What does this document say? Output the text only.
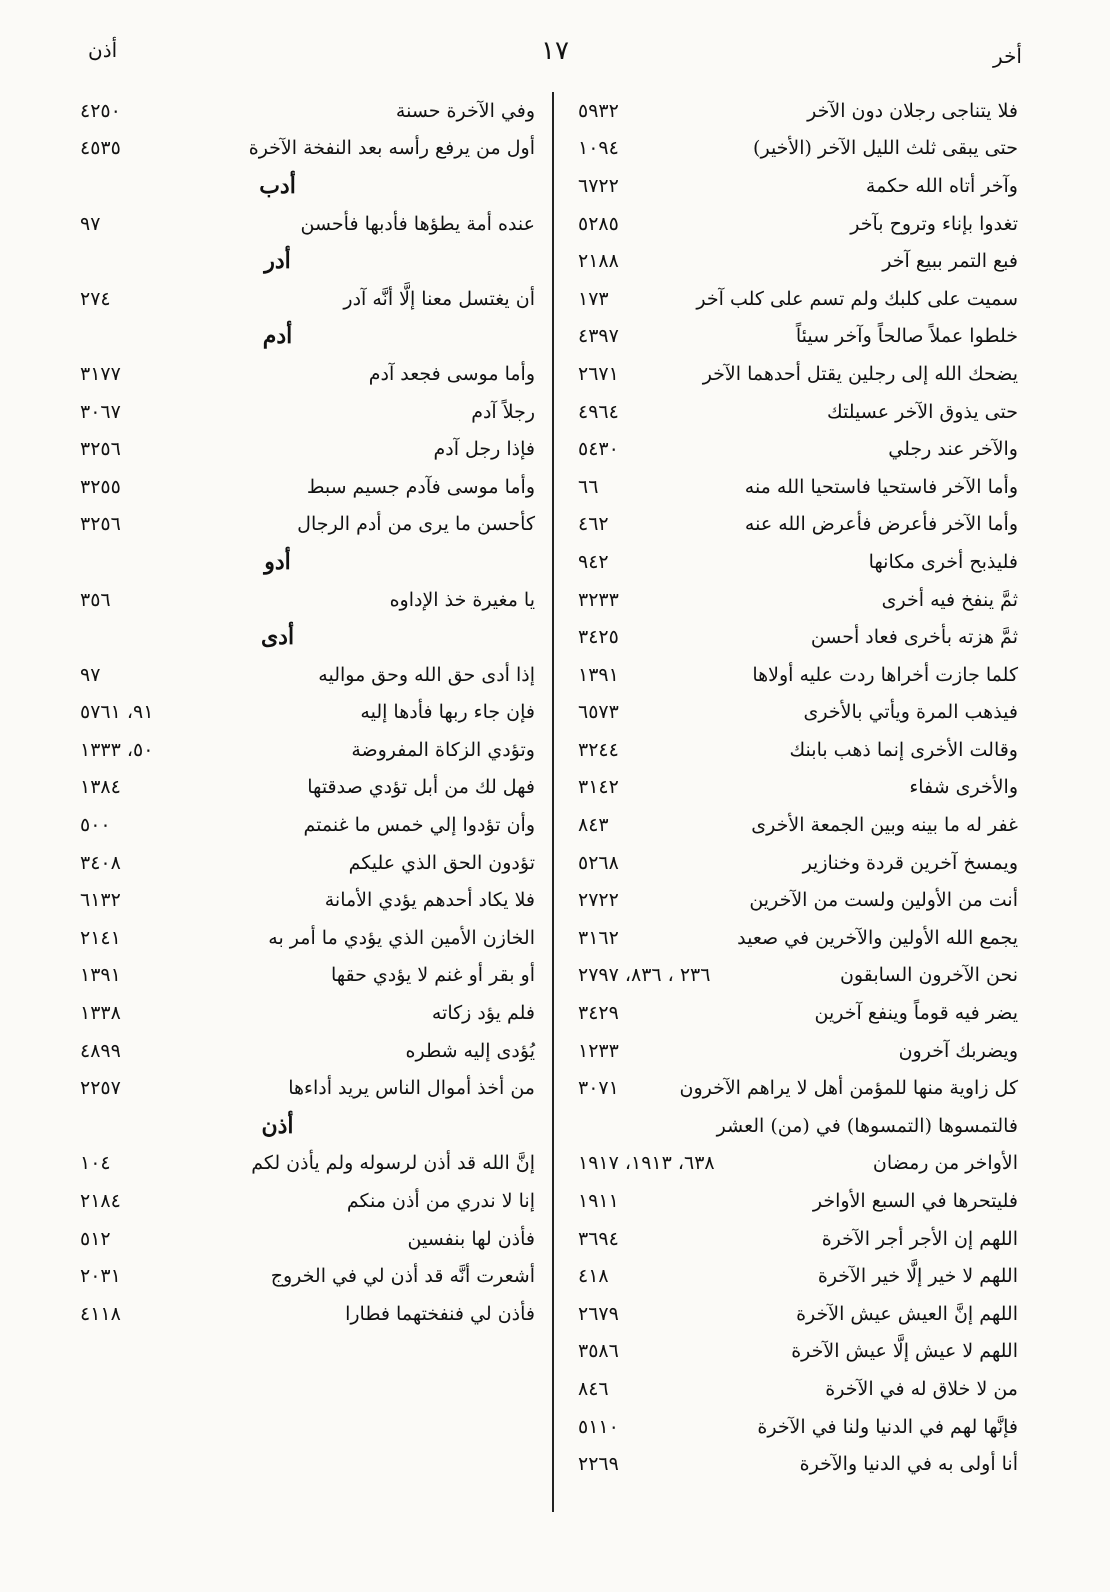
أخر
١٧
أذن
فلا يتناجى رجلان دون الآخر
٥٩٣٢
حتى يبقى ثلث الليل الآخر (الأخير)
١٠٩٤
وآخر أتاه الله حكمة
٦٧٢٢
تغدوا بإناء وتروح بآخر
٥٢٨٥
فبع التمر ببيع آخر
٢١٨٨
سميت على كلبك ولم تسم على كلب آخر
١٧٣
خلطوا عملاً صالحاً وآخر سيئاً
٤٣٩٧
يضحك الله إلى رجلين يقتل أحدهما الآخر
٢٦٧١
حتى يذوق الآخر عسيلتك
٤٩٦٤
والآخر عند رجلي
٥٤٣٠
وأما الآخر فاستحيا فاستحيا الله منه
٦٦
وأما الآخر فأعرض فأعرض الله عنه
٤٦٢
فليذبح أخرى مكانها
٩٤٢
ثمَّ ينفخ فيه أخرى
٣٢٣٣
ثمَّ هزته بأخرى فعاد أحسن
٣٤٢٥
كلما جازت أخراها ردت عليه أولاها
١٣٩١
فيذهب المرة ويأتي بالأخرى
٦٥٧٣
وقالت الأخرى إنما ذهب بابنك
٣٢٤٤
والأخرى شفاء
٣١٤٢
غفر له ما بينه وبين الجمعة الأخرى
٨٤٣
ويمسخ آخرين قردة وخنازير
٥٢٦٨
أنت من الأولين ولست من الآخرين
٢٧٢٢
يجمع الله الأولين والآخرين في صعيد
٣١٦٢
نحن الآخرون السابقون
٢٣٦ ، ٨٣٦، ٢٧٩٧
يضر فيه قوماً وينفع آخرين
٣٤٢٩
ويضربك آخرون
١٢٣٣
كل زاوية منها للمؤمن أهل لا يراهم الآخرون
٣٠٧١
فالتمسوها (التمسوها) في (من) العشر
الأواخر من رمضان
٦٣٨، ١٩١٣، ١٩١٧
فليتحرها في السبع الأواخر
١٩١١
اللهم إن الأجر أجر الآخرة
٣٦٩٤
اللهم لا خير إلَّا خير الآخرة
٤١٨
اللهم إنَّ العيش عيش الآخرة
٢٦٧٩
اللهم لا عيش إلَّا عيش الآخرة
٣٥٨٦
من لا خلاق له في الآخرة
٨٤٦
فإنَّها لهم في الدنيا ولنا في الآخرة
٥١١٠
أنا أولى به في الدنيا والآخرة
٢٢٦٩
وفي الآخرة حسنة
٤٢٥٠
أول من يرفع رأسه بعد النفخة الآخرة
٤٥٣٥
أدب
عنده أمة يطؤها فأدبها فأحسن
٩٧
أدر
أن يغتسل معنا إلَّا أنَّه آدر
٢٧٤
أدم
وأما موسى فجعد آدم
٣١٧٧
رجلاً آدم
٣٠٦٧
فإذا رجل آدم
٣٢٥٦
وأما موسى فآدم جسيم سبط
٣٢٥٥
كأحسن ما يرى من أدم الرجال
٣٢٥٦
أدو
يا مغيرة خذ الإداوه
٣٥٦
أدى
إذا أدى حق الله وحق مواليه
٩٧
فإن جاء ربها فأدها إليه
٩١، ٥٧٦١
وتؤدي الزكاة المفروضة
٥٠، ١٣٣٣
فهل لك من أبل تؤدي صدقتها
١٣٨٤
وأن تؤدوا إلي خمس ما غنمتم
٥٠٠
تؤدون الحق الذي عليكم
٣٤٠٨
فلا يكاد أحدهم يؤدي الأمانة
٦١٣٢
الخازن الأمين الذي يؤدي ما أمر به
٢١٤١
أو بقر أو غنم لا يؤدي حقها
١٣٩١
فلم يؤد زكاته
١٣٣٨
يُؤدى إليه شطره
٤٨٩٩
من أخذ أموال الناس يريد أداءها
٢٢٥٧
أذن
إنَّ الله قد أذن لرسوله ولم يأذن لكم
١٠٤
إنا لا ندري من أذن منكم
٢١٨٤
فأذن لها بنفسين
٥١٢
أشعرت أنَّه قد أذن لي في الخروج
٢٠٣١
فأذن لي فنفختهما فطارا
٤١١٨
